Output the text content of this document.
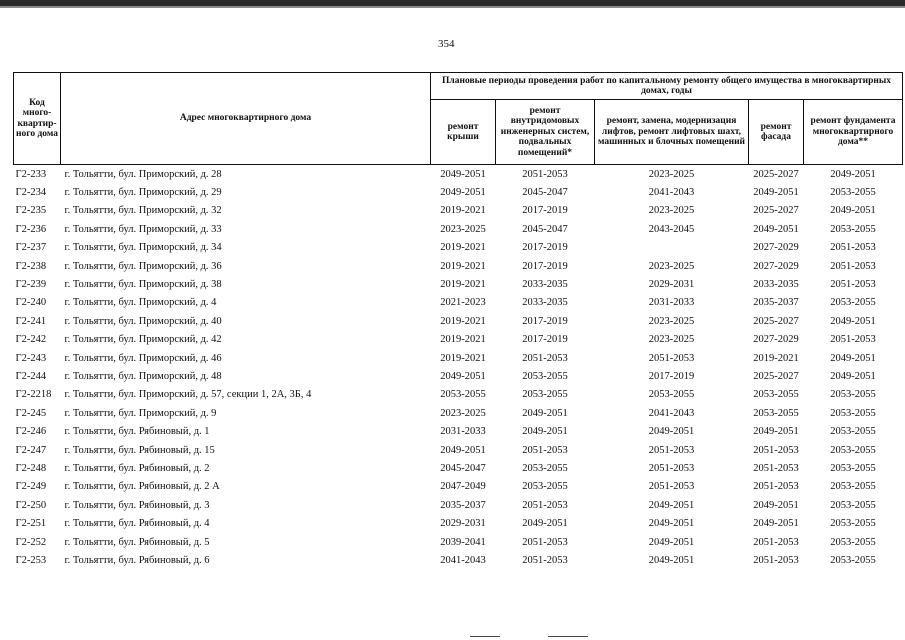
354
Код много-квартир-ного дома	Адрес многоквартирного дома	Плановые периоды проведения работ по капитальному ремонту общего имущества в многоквартирных домах, годы				
		ремонт крыши	ремонт внутридомовых инженерных систем, подвальных помещений*	ремонт, замена, модернизация лифтов, ремонт лифтовых шахт, машинных и блочных помещений	ремонт фасада	ремонт фундамента многоквартирного дома**
Г2-233	г. Тольятти, бул. Приморский, д. 28	2049-2051	2051-2053	2023-2025	2025-2027	2049-2051
Г2-234	г. Тольятти, бул. Приморский, д. 29	2049-2051	2045-2047	2041-2043	2049-2051	2053-2055
Г2-235	г. Тольятти, бул. Приморский, д. 32	2019-2021	2017-2019	2023-2025	2025-2027	2049-2051
Г2-236	г. Тольятти, бул. Приморский, д. 33	2023-2025	2045-2047	2043-2045	2049-2051	2053-2055
Г2-237	г. Тольятти, бул. Приморский, д. 34	2019-2021	2017-2019		2027-2029	2051-2053
Г2-238	г. Тольятти, бул. Приморский, д. 36	2019-2021	2017-2019	2023-2025	2027-2029	2051-2053
Г2-239	г. Тольятти, бул. Приморский, д. 38	2019-2021	2033-2035	2029-2031	2033-2035	2051-2053
Г2-240	г. Тольятти, бул. Приморский, д. 4	2021-2023	2033-2035	2031-2033	2035-2037	2053-2055
Г2-241	г. Тольятти, бул. Приморский, д. 40	2019-2021	2017-2019	2023-2025	2025-2027	2049-2051
Г2-242	г. Тольятти, бул. Приморский, д. 42	2019-2021	2017-2019	2023-2025	2027-2029	2051-2053
Г2-243	г. Тольятти, бул. Приморский, д. 46	2019-2021	2051-2053	2051-2053	2019-2021	2049-2051
Г2-244	г. Тольятти, бул. Приморский, д. 48	2049-2051	2053-2055	2017-2019	2025-2027	2049-2051
Г2-2218	г. Тольятти, бул. Приморский, д. 57, секции 1, 2А, 3Б, 4	2053-2055	2053-2055	2053-2055	2053-2055	2053-2055
Г2-245	г. Тольятти, бул. Приморский, д. 9	2023-2025	2049-2051	2041-2043	2053-2055	2053-2055
Г2-246	г. Тольятти, бул. Рябиновый, д. 1	2031-2033	2049-2051	2049-2051	2049-2051	2053-2055
Г2-247	г. Тольятти, бул. Рябиновый, д. 15	2049-2051	2051-2053	2051-2053	2051-2053	2053-2055
Г2-248	г. Тольятти, бул. Рябиновый, д. 2	2045-2047	2053-2055	2051-2053	2051-2053	2053-2055
Г2-249	г. Тольятти, бул. Рябиновый, д. 2 А	2047-2049	2053-2055	2051-2053	2051-2053	2053-2055
Г2-250	г. Тольятти, бул. Рябиновый, д. 3	2035-2037	2051-2053	2049-2051	2049-2051	2053-2055
Г2-251	г. Тольятти, бул. Рябиновый, д. 4	2029-2031	2049-2051	2049-2051	2049-2051	2053-2055
Г2-252	г. Тольятти, бул. Рябиновый, д. 5	2039-2041	2051-2053	2049-2051	2051-2053	2053-2055
Г2-253	г. Тольятти, бул. Рябиновый, д. 6	2041-2043	2051-2053	2049-2051	2051-2053	2053-2055
